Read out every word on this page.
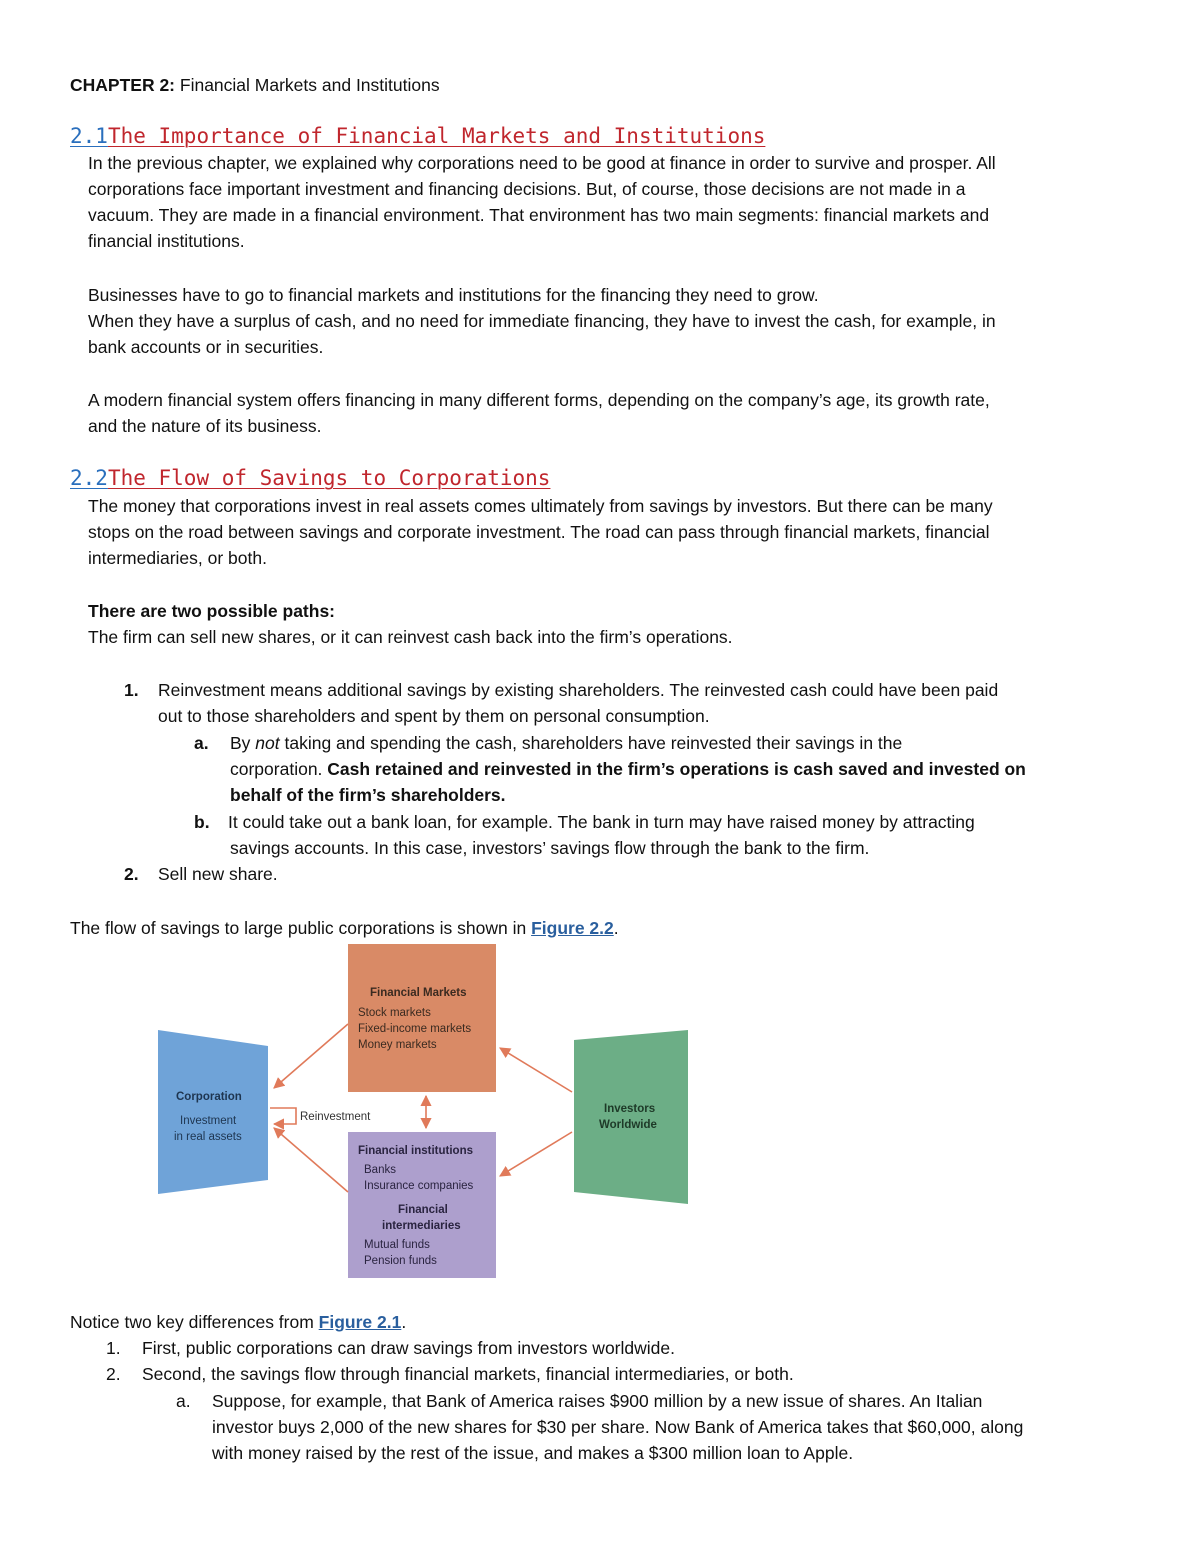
CHAPTER 2: Financial Markets and Institutions
2.1The Importance of Financial Markets and Institutions
In the previous chapter, we explained why corporations need to be good at finance in order to survive and prosper. All
corporations face important investment and financing decisions. But, of course, those decisions are not made in a
vacuum. They are made in a financial environment. That environment has two main segments: financial markets and
financial institutions.
Businesses have to go to financial markets and institutions for the financing they need to grow.
When they have a surplus of cash, and no need for immediate financing, they have to invest the cash, for example, in
bank accounts or in securities.
A modern financial system offers financing in many different forms, depending on the company’s age, its growth rate,
and the nature of its business.
2.2The Flow of Savings to Corporations
The money that corporations invest in real assets comes ultimately from savings by investors. But there can be many
stops on the road between savings and corporate investment. The road can pass through financial markets, financial
intermediaries, or both.
There are two possible paths:
The firm can sell new shares, or it can reinvest cash back into the firm’s operations.
1. Reinvestment means additional savings by existing shareholders. The reinvested cash could have been paid
out to those shareholders and spent by them on personal consumption.
a. By not taking and spending the cash, shareholders have reinvested their savings in the
corporation. Cash retained and reinvested in the firm’s operations is cash saved and invested on
behalf of the firm’s shareholders.
b. It could take out a bank loan, for example. The bank in turn may have raised money by attracting
savings accounts. In this case, investors’ savings flow through the bank to the firm.
2. Sell new share.
The flow of savings to large public corporations is shown in Figure 2.2.
Notice two key differences from Figure 2.1.
1. First, public corporations can draw savings from investors worldwide.
2. Second, the savings flow through financial markets, financial intermediaries, or both.
a. Suppose, for example, that Bank of America raises $900 million by a new issue of shares. An Italian
investor buys 2,000 of the new shares for $30 per share. Now Bank of America takes that $60,000, along
with money raised by the rest of the issue, and makes a $300 million loan to Apple.
Financial Markets
Stock markets
Fixed-income markets
Money markets
Corporation
Investment
in real assets
Investors
Worldwide
Financial institutions
Banks
Insurance companies
Financial
intermediaries
Mutual funds
Pension funds
Reinvestment
